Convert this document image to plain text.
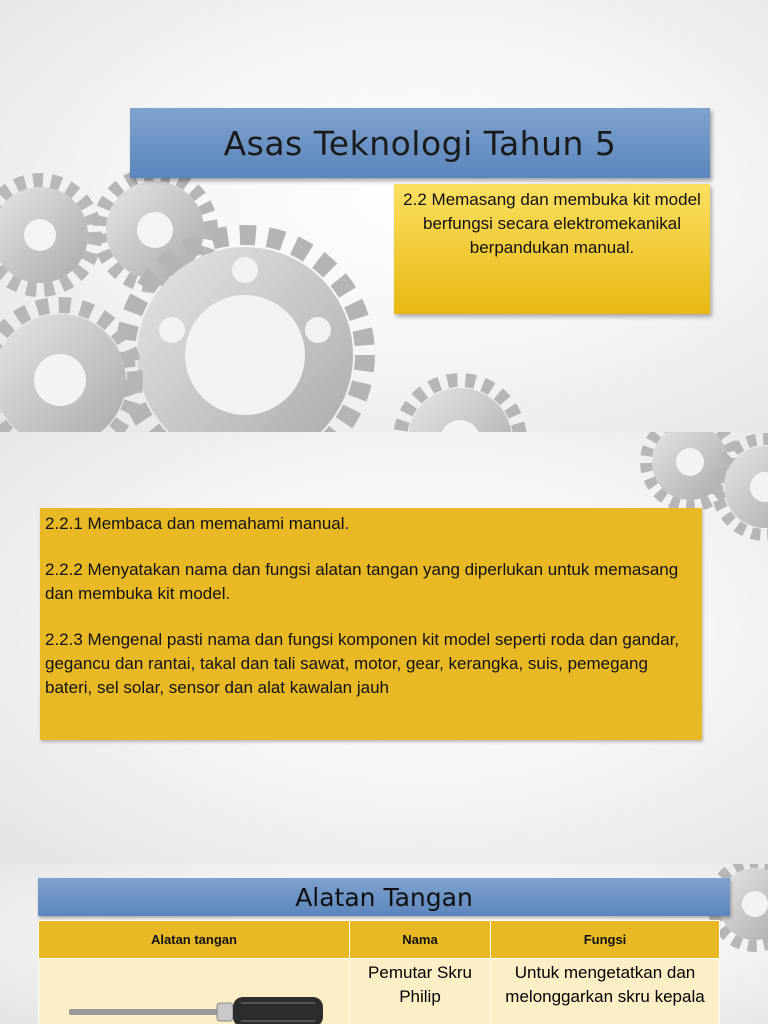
Asas Teknologi Tahun 5
2.2 Memasang dan membuka kit model berfungsi secara elektromekanikal berpandukan manual.

2.2.1 Membaca dan memahami manual.

2.2.2 Menyatakan nama dan fungsi alatan tangan yang diperlukan untuk memasang dan membuka kit model.

2.2.3 Mengenal pasti nama dan fungsi komponen kit model seperti roda dan gandar, gegancu dan rantai, takal dan tali sawat, motor, gear, kerangka, suis, pemegang bateri, sel solar, sensor dan alat kawalan jauh

Alatan Tangan
Alatan tangan	Nama	Fungsi

	Pemutar Skru Philip	Untuk mengetatkan dan melonggarkan skru kepala
